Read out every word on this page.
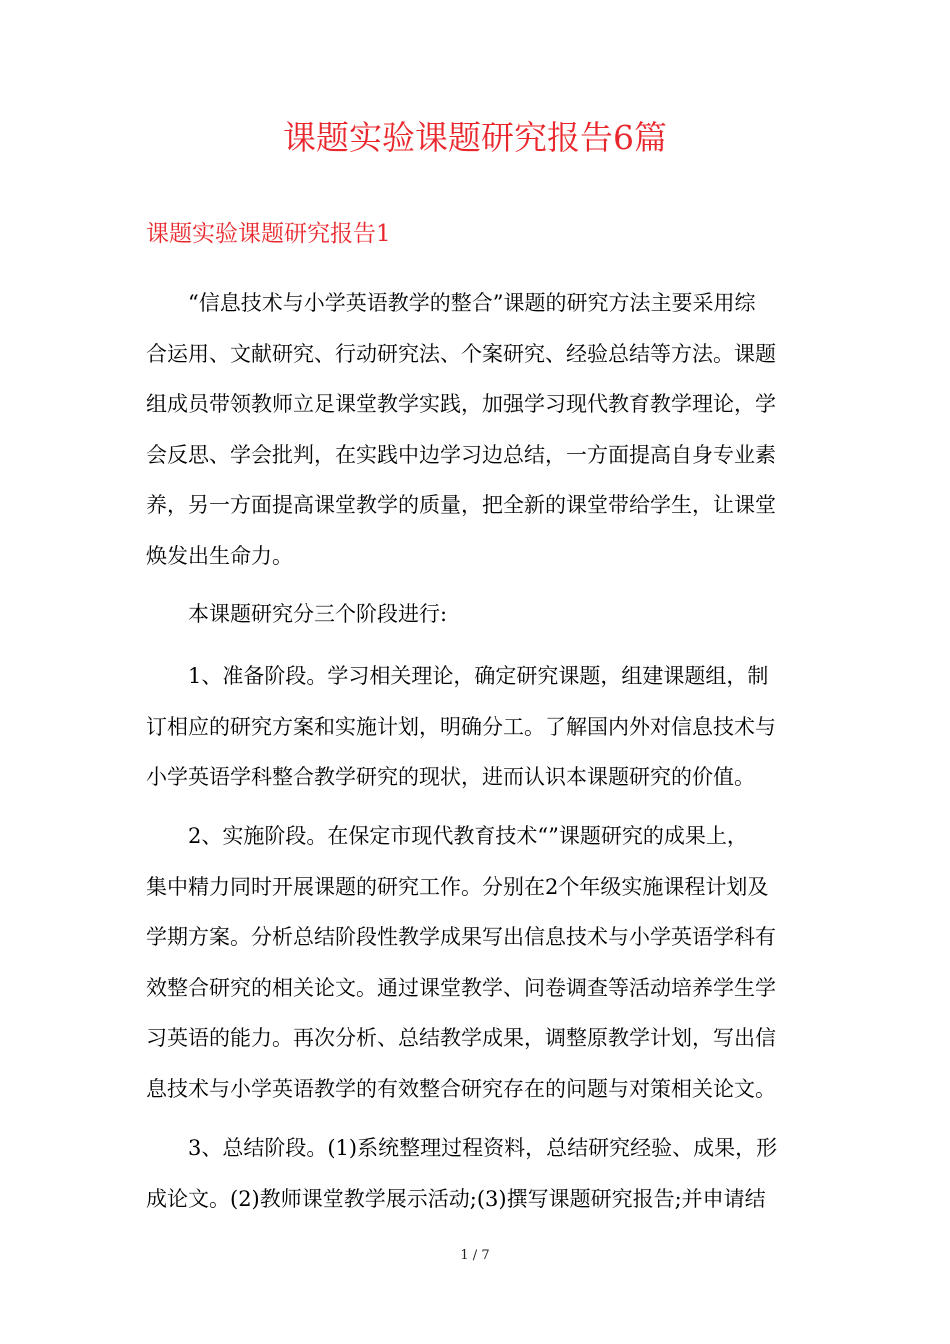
课题实验课题研究报告6篇
课题实验课题研究报告1

“信息技术与小学英语教学的整合”课题的研究方法主要采用综
合运用、文献研究、行动研究法、个案研究、经验总结等方法。课题
组成员带领教师立足课堂教学实践，加强学习现代教育教学理论，学
会反思、学会批判，在实践中边学习边总结，一方面提高自身专业素
养，另一方面提高课堂教学的质量，把全新的课堂带给学生，让课堂
焕发出生命力。

本课题研究分三个阶段进行:

1、准备阶段。学习相关理论，确定研究课题，组建课题组，制
订相应的研究方案和实施计划，明确分工。了解国内外对信息技术与
小学英语学科整合教学研究的现状，进而认识本课题研究的价值。

2、实施阶段。在保定市现代教育技术“”课题研究的成果上，
集中精力同时开展课题的研究工作。分别在2个年级实施课程计划及
学期方案。分析总结阶段性教学成果写出信息技术与小学英语学科有
效整合研究的相关论文。通过课堂教学、问卷调查等活动培养学生学
习英语的能力。再次分析、总结教学成果，调整原教学计划，写出信
息技术与小学英语教学的有效整合研究存在的问题与对策相关论文。

3、总结阶段。(1)系统整理过程资料，总结研究经验、成果，形
成论文。(2)教师课堂教学展示活动;(3)撰写课题研究报告;并申请结

1 / 7
